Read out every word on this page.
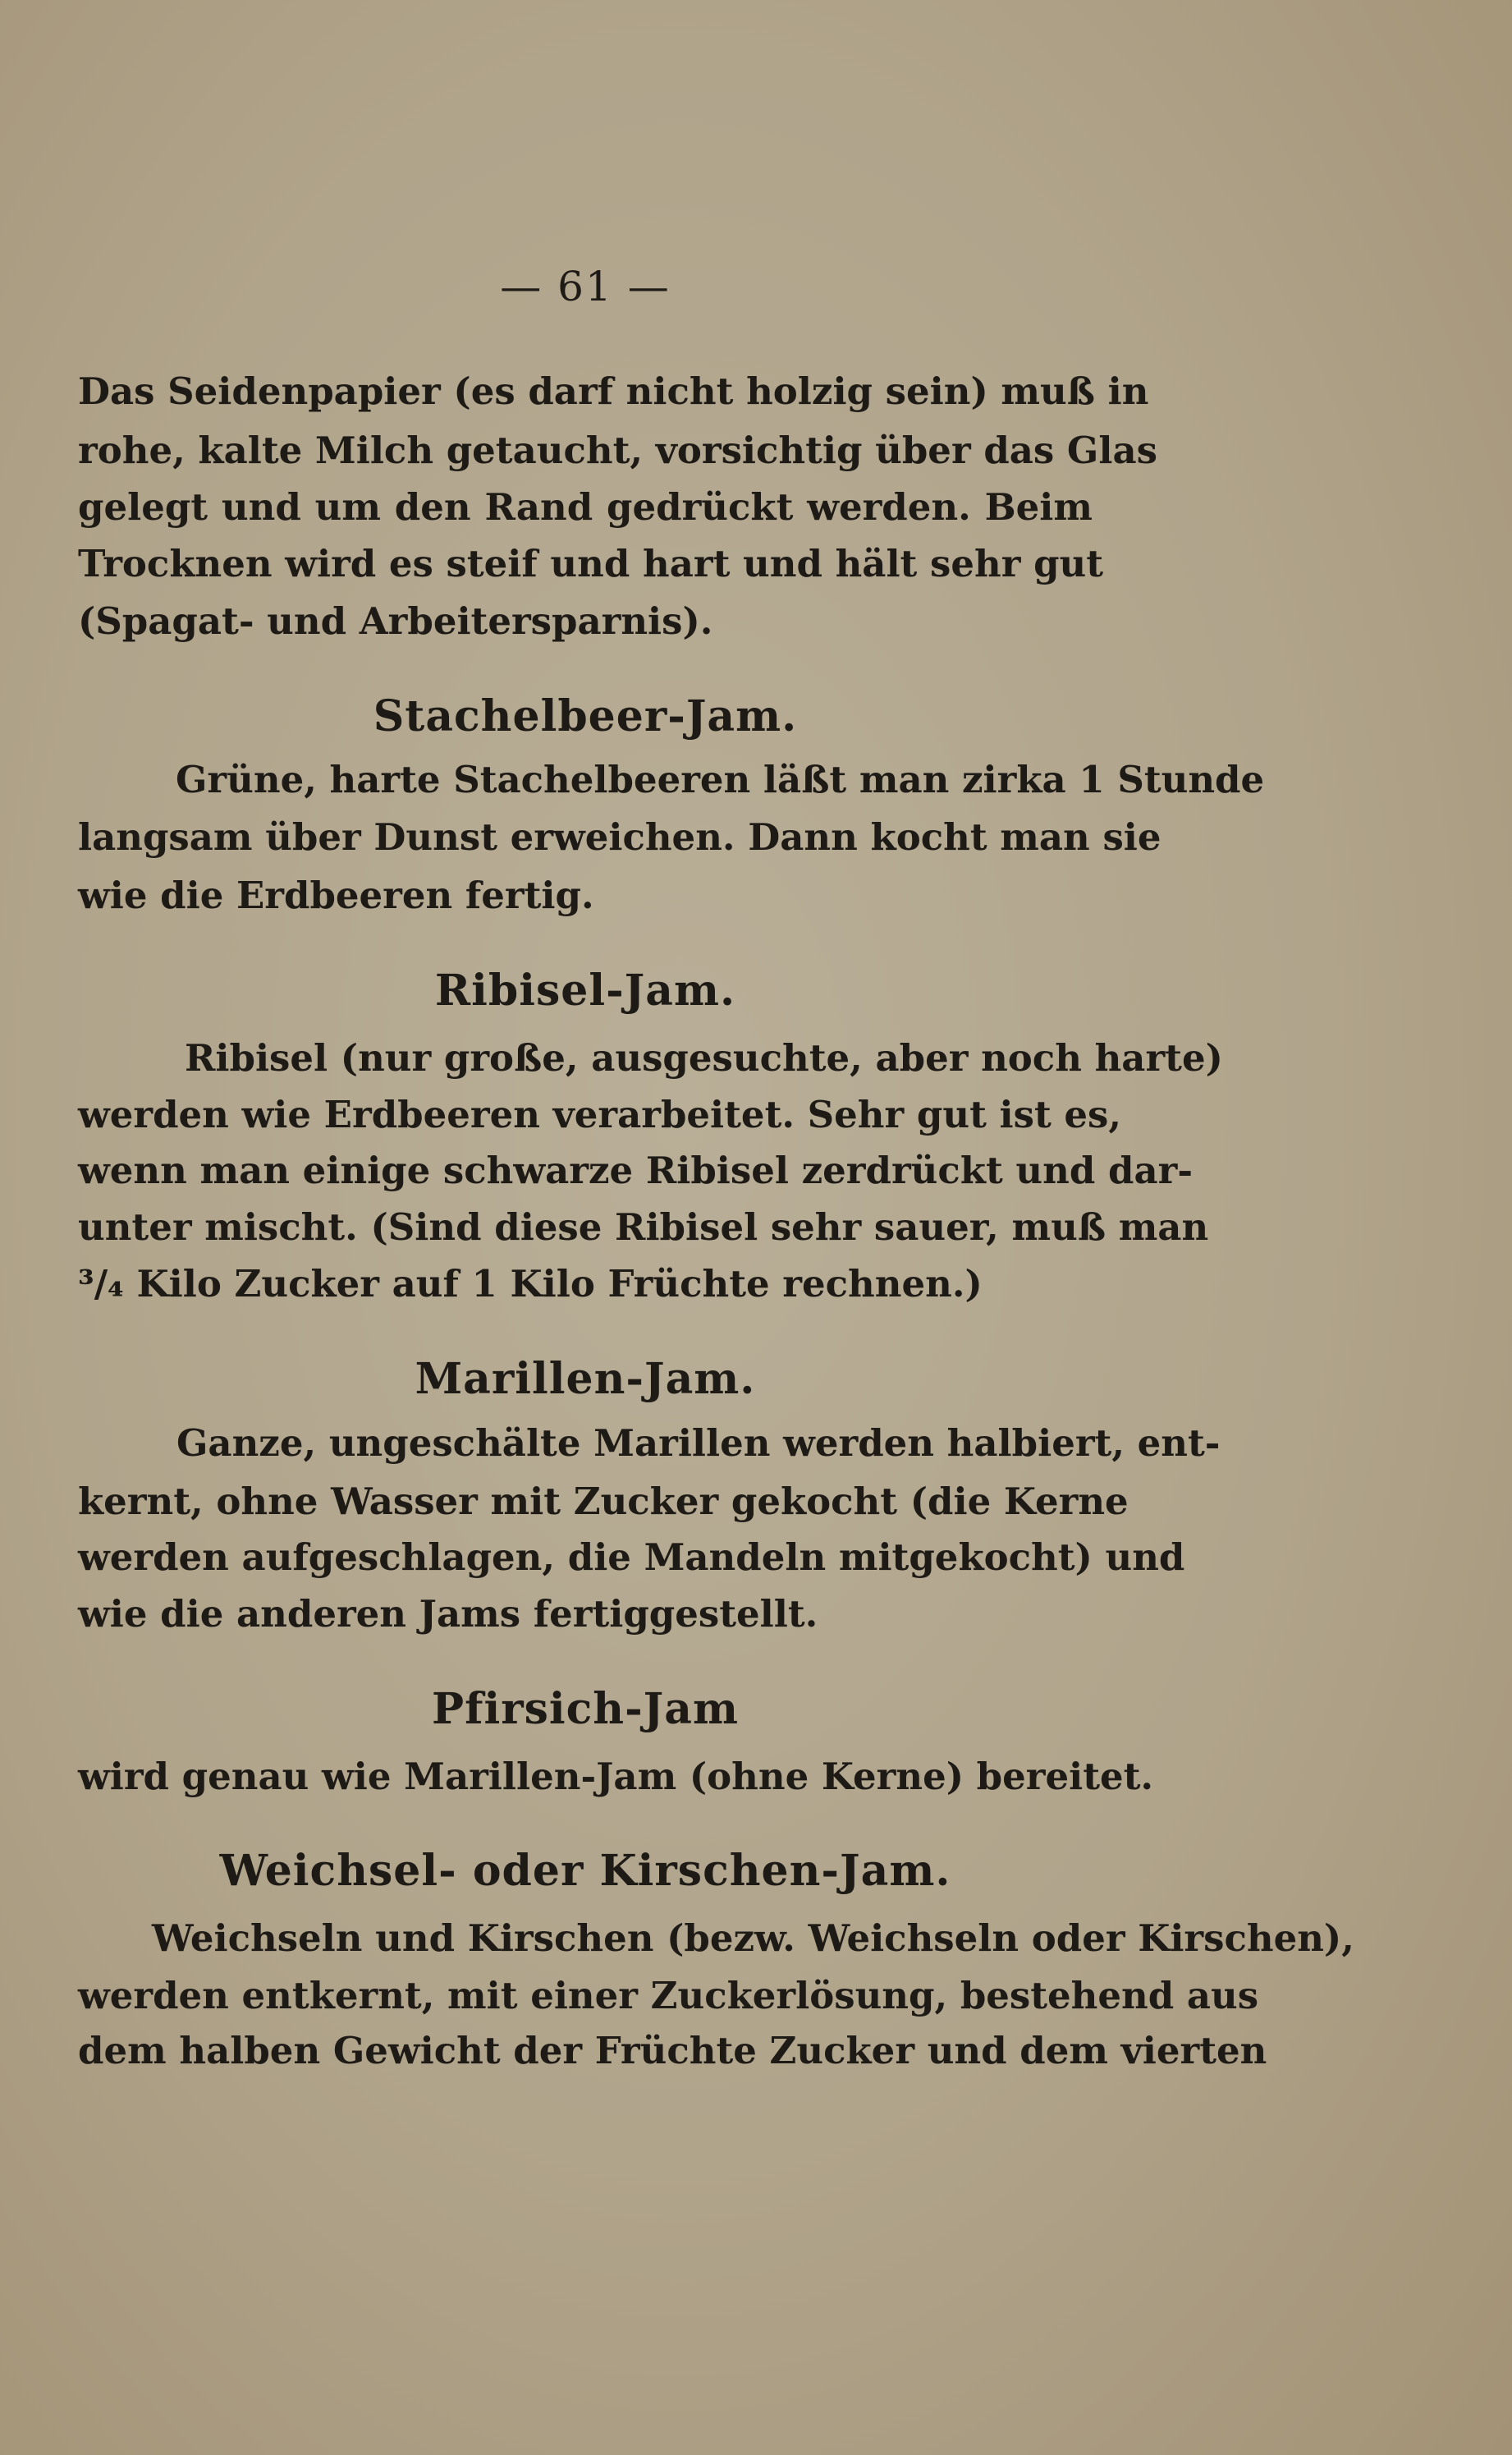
— 61 —
Das Seidenpapier (es darf nicht holzig sein) muß in
rohe, kalte Milch getaucht, vorsichtig über das Glas
gelegt und um den Rand gedrückt werden. Beim
Trocknen wird es steif und hart und hält sehr gut
(Spagat- und Arbeitersparnis).
Stachelbeer-Jam.
Grüne, harte Stachelbeeren läßt man zirka 1 Stunde
langsam über Dunst erweichen. Dann kocht man sie
wie die Erdbeeren fertig.
Ribisel-Jam.
Ribisel (nur große, ausgesuchte, aber noch harte)
werden wie Erdbeeren verarbeitet. Sehr gut ist es,
wenn man einige schwarze Ribisel zerdrückt und dar-
unter mischt. (Sind diese Ribisel sehr sauer, muß man
³/₄ Kilo Zucker auf 1 Kilo Früchte rechnen.)
Marillen-Jam.
Ganze, ungeschälte Marillen werden halbiert, ent-
kernt, ohne Wasser mit Zucker gekocht (die Kerne
werden aufgeschlagen, die Mandeln mitgekocht) und
wie die anderen Jams fertiggestellt.
Pfirsich-Jam
wird genau wie Marillen-Jam (ohne Kerne) bereitet.
Weichsel- oder Kirschen-Jam.
Weichseln und Kirschen (bezw. Weichseln oder Kirschen),
werden entkernt, mit einer Zuckerlösung, bestehend aus
dem halben Gewicht der Früchte Zucker und dem vierten
